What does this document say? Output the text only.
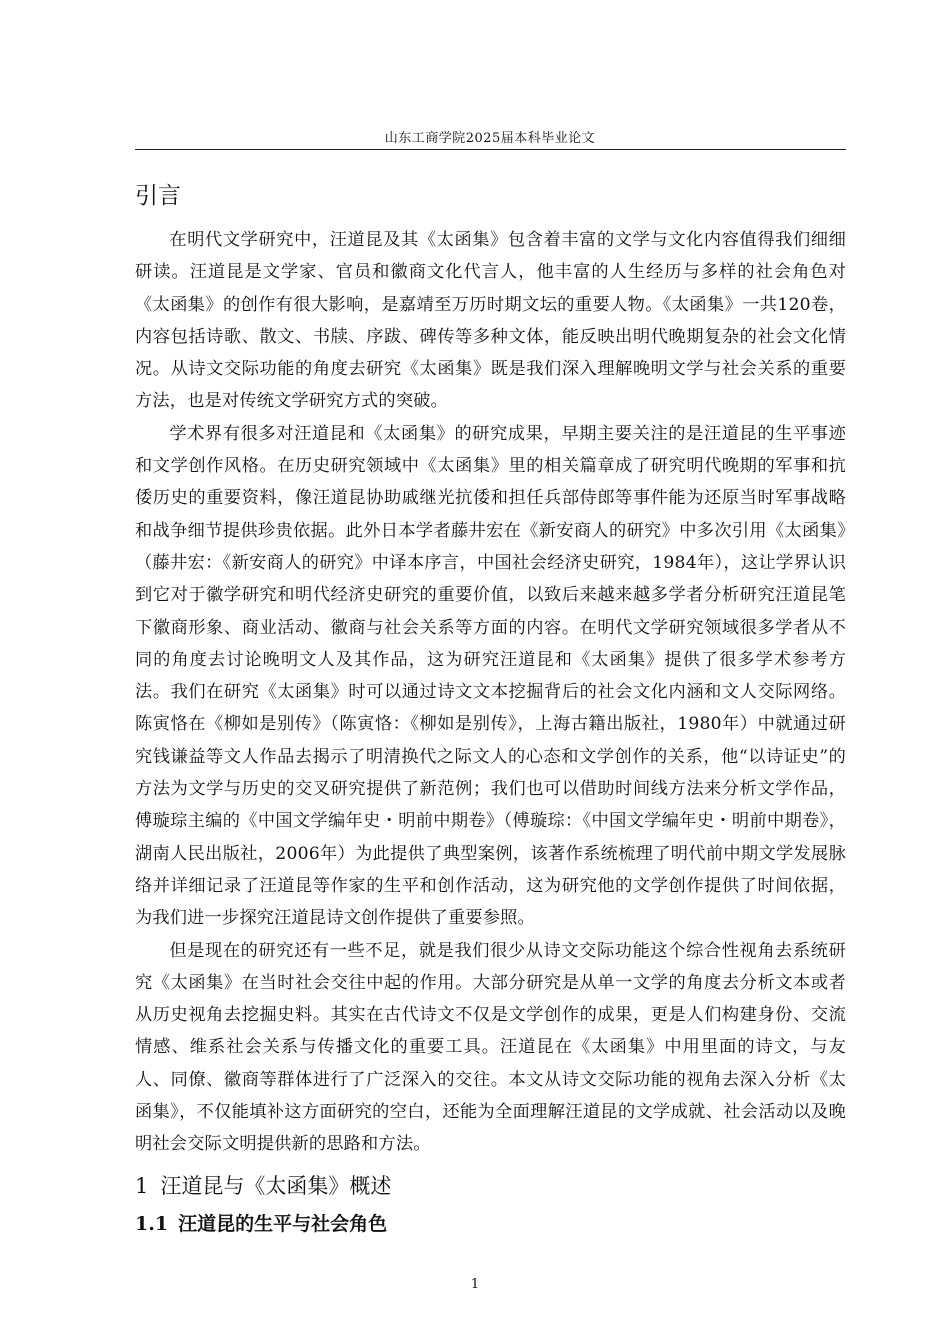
山东工商学院2025届本科毕业论文
引言

在明代文学研究中，汪道昆及其《太函集》包含着丰富的文学与文化内容值得我们细细研读。汪道昆是文学家、官员和徽商文化代言人，他丰富的人生经历与多样的社会角色对《太函集》的创作有很大影响，是嘉靖至万历时期文坛的重要人物。《太函集》一共120卷，内容包括诗歌、散文、书牍、序跋、碑传等多种文体，能反映出明代晚期复杂的社会文化情况。从诗文交际功能的角度去研究《太函集》既是我们深入理解晚明文学与社会关系的重要方法，也是对传统文学研究方式的突破。

学术界有很多对汪道昆和《太函集》的研究成果，早期主要关注的是汪道昆的生平事迹和文学创作风格。在历史研究领域中《太函集》里的相关篇章成了研究明代晚期的军事和抗倭历史的重要资料，像汪道昆协助戚继光抗倭和担任兵部侍郎等事件能为还原当时军事战略和战争细节提供珍贵依据。此外日本学者藤井宏在《新安商人的研究》中多次引用《太函集》（藤井宏：《新安商人的研究》中译本序言，中国社会经济史研究，1984年），这让学界认识到它对于徽学研究和明代经济史研究的重要价值，以致后来越来越多学者分析研究汪道昆笔下徽商形象、商业活动、徽商与社会关系等方面的内容。在明代文学研究领域很多学者从不同的角度去讨论晚明文人及其作品，这为研究汪道昆和《太函集》提供了很多学术参考方法。我们在研究《太函集》时可以通过诗文文本挖掘背后的社会文化内涵和文人交际网络。陈寅恪在《柳如是别传》（陈寅恪：《柳如是别传》，上海古籍出版社，1980年）中就通过研究钱谦益等文人作品去揭示了明清换代之际文人的心态和文学创作的关系，他“以诗证史”的方法为文学与历史的交叉研究提供了新范例；我们也可以借助时间线方法来分析文学作品，傅璇琮主编的《中国文学编年史・明前中期卷》（傅璇琮：《中国文学编年史・明前中期卷》，湖南人民出版社，2006年）为此提供了典型案例，该著作系统梳理了明代前中期文学发展脉络并详细记录了汪道昆等作家的生平和创作活动，这为研究他的文学创作提供了时间依据，为我们进一步探究汪道昆诗文创作提供了重要参照。

但是现在的研究还有一些不足，就是我们很少从诗文交际功能这个综合性视角去系统研究《太函集》在当时社会交往中起的作用。大部分研究是从单一文学的角度去分析文本或者从历史视角去挖掘史料。其实在古代诗文不仅是文学创作的成果，更是人们构建身份、交流情感、维系社会关系与传播文化的重要工具。汪道昆在《太函集》中用里面的诗文，与友人、同僚、徽商等群体进行了广泛深入的交往。本文从诗文交际功能的视角去深入分析《太函集》，不仅能填补这方面研究的空白，还能为全面理解汪道昆的文学成就、社会活动以及晚明社会交际文明提供新的思路和方法。

1 汪道昆与《太函集》概述
1.1 汪道昆的生平与社会角色
1
